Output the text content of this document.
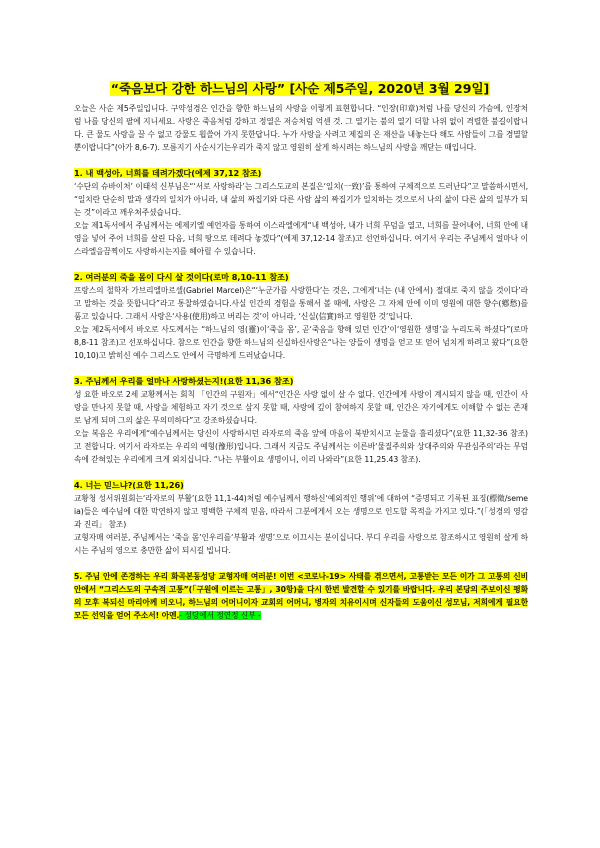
“죽음보다 강한 하느님의 사랑” [사순 제5주일, 2020년 3월 29일]

오늘은 사순 제5주일입니다. 구약성경은 인간을 향한 하느님의 사랑을 이렇게 표현합니다. “인장(印章)처럼 나를 당신의 가슴에, 인장처럼 나를 당신의 팔에 지니세요. 사랑은 죽음처럼 강하고 정열은 저승처럼 억센 것. 그 열기는 불의 열기 더할 나위 없이 격렬한 불길이랍니다. 큰 물도 사랑을 끌 수 없고 강물도 휩쓸어 가지 못한답니다. 누가 사랑을 사려고 제집의 온 재산을 내놓는다 해도 사람들이 그를 경멸할 뿐이랍니다”(아가 8,6-7). 모름지기 사순시기는우리가 죽지 않고 영원히 살게 하시려는 하느님의 사랑을 깨닫는 때입니다.

1. 내 백성아, 너희를 데려가겠다(에제 37,12 참조)

‘수단의 슈바이처’ 이태석 신부님은“‘서로 사랑하라’는 그리스도교의 본질은‘일치(一致)’를 통하여 구체적으로 드러난다”고 말씀하시면서, “일치란 단순히 말과 생각의 일치가 아니라, 내 삶의 짜집기와 다른 사람 삶의 짜집기가 일치하는 것으로서 나의 삶이 다른 삶의 일부가 되는 것”이라고 깨우쳐주셨습니다.

오늘 제1독서에서 주님께서는 에제키엘 예언자를 통하여 이스라엘에게“내 백성아, 내가 너희 무덤을 열고, 너희를 끌어내어, 너희 안에 내 영을 넣어 주어 너희를 살린 다음, 너희 땅으로 데려다 놓겠다”(에제 37,12-14 참조)고 선언하십니다. 여기서 우리는 주님께서 얼마나 이스라엘을끔찍이도 사랑하시는지를 헤아릴 수 있습니다.

2. 여러분의 죽을 몸이 다시 살 것이다(로마 8,10-11 참조)

프랑스의 철학자 가브리엘마르셀(Gabriel Marcel)은“‘누군가를 사랑한다’는 것은, 그에게‘너는 (내 안에서) 절대로 죽지 않을 것이다’라고 말하는 것을 뜻합니다”라고 통찰하였습니다.사실 인간의 경험을 통해서 볼 때에, 사랑은 그 자체 안에 이미 영원에 대한 향수(鄕愁)를 품고 있습니다. 그래서 사랑은‘사용(使用)하고 버리는 것’이 아니라, ‘신실(信實)하고 영원한 것’입니다.

오늘 제2독서에서 바오로 사도께서는 “하느님의 영(靈)이‘죽을 몸’, 곧‘죽음을 향해 있던 인간’이‘영원한 생명’을 누리도록 하셨다”(로마 8,8-11 참조)고 선포하십니다. 참으로 인간을 향한 하느님의 신실하신사랑은“나는 양들이 생명을 얻고 또 얻어 넘치게 하려고 왔다”(요한 10,10)고 밝히신 예수 그리스도 안에서 극명하게 드러났습니다.

3. 주님께서 우리를 얼마나 사랑하셨는지!(요한 11,36 참조)

성 요한 바오로 2세 교황께서는 회칙 「인간의 구원자」에서“인간은 사랑 없이 살 수 없다. 인간에게 사랑이 계시되지 않을 때, 인간이 사랑을 만나지 못할 때, 사랑을 체험하고 자기 것으로 삼지 못할 때, 사랑에 깊이 참여하지 못할 때, 인간은 자기에게도 이해할 수 없는 존재로 남게 되며 그의 삶은 무의미하다”고 강조하셨습니다.

오늘 복음은 우리에게“예수님께서는 당신이 사랑하시던 라자로의 죽음 앞에 마음이 북받치시고 눈물을 흘리셨다”(요한 11,32-36 참조)고 전합니다. 여기서 라자로는 우리의 예형(豫形)입니다. 그래서 지금도 주님께서는 이른바‘물질주의와 상대주의와 무관심주의’라는 무덤 속에 갇혀있는 우리에게 크게 외치십니다. “나는 부활이요 생명이니, 이리 나와라”(요한 11,25.43 참조).

4. 너는 믿느냐?(요한 11,26)

교황청 성서위원회는‘라자로의 부활’(요한 11,1-44)처럼 예수님께서 행하신‘예외적인 행위’에 대하여 “증명되고 기록된 표징(標徵/semeia)들은 예수님에 대한 막연하지 않고 명백한 구체적 믿음, 따라서 그분에게서 오는 생명으로 인도할 목적을 가지고 있다.”(「성경의 영감과 진리」 참조)

교형자매 여러분, 주님께서는 ‘죽을 몸’인우리를‘부활과 생명’으로 이끄시는 분이십니다. 부디 우리를 사랑으로 참조하시고 영원히 살게 하시는 주님의 영으로 충만한 삶이 되시길 빕니다.

5. 주님 안에 존경하는 우리 화곡본동성당 교형자매 여러분! 이번 <코로나-19> 사태를 겪으면서, 고통받는 모든 이가 그 고통의 신비 안에서 “그리스도의 구속적 고통”(「구원에 이르는 고통」, 30항)을 다시 한번 발견할 수 있기를 바랍니다. 우리 본당의 주보이신 평화의 모후 복되신 마리아께 비오니, 하느님의 어머니이자 교회의 어머니, 병자의 치유이시며 신자들의 도움이신 성모님, 저희에게 필요한 모든 선익을 얻어 주소서! 아멘.- 성당에서 정연정 신부 -
